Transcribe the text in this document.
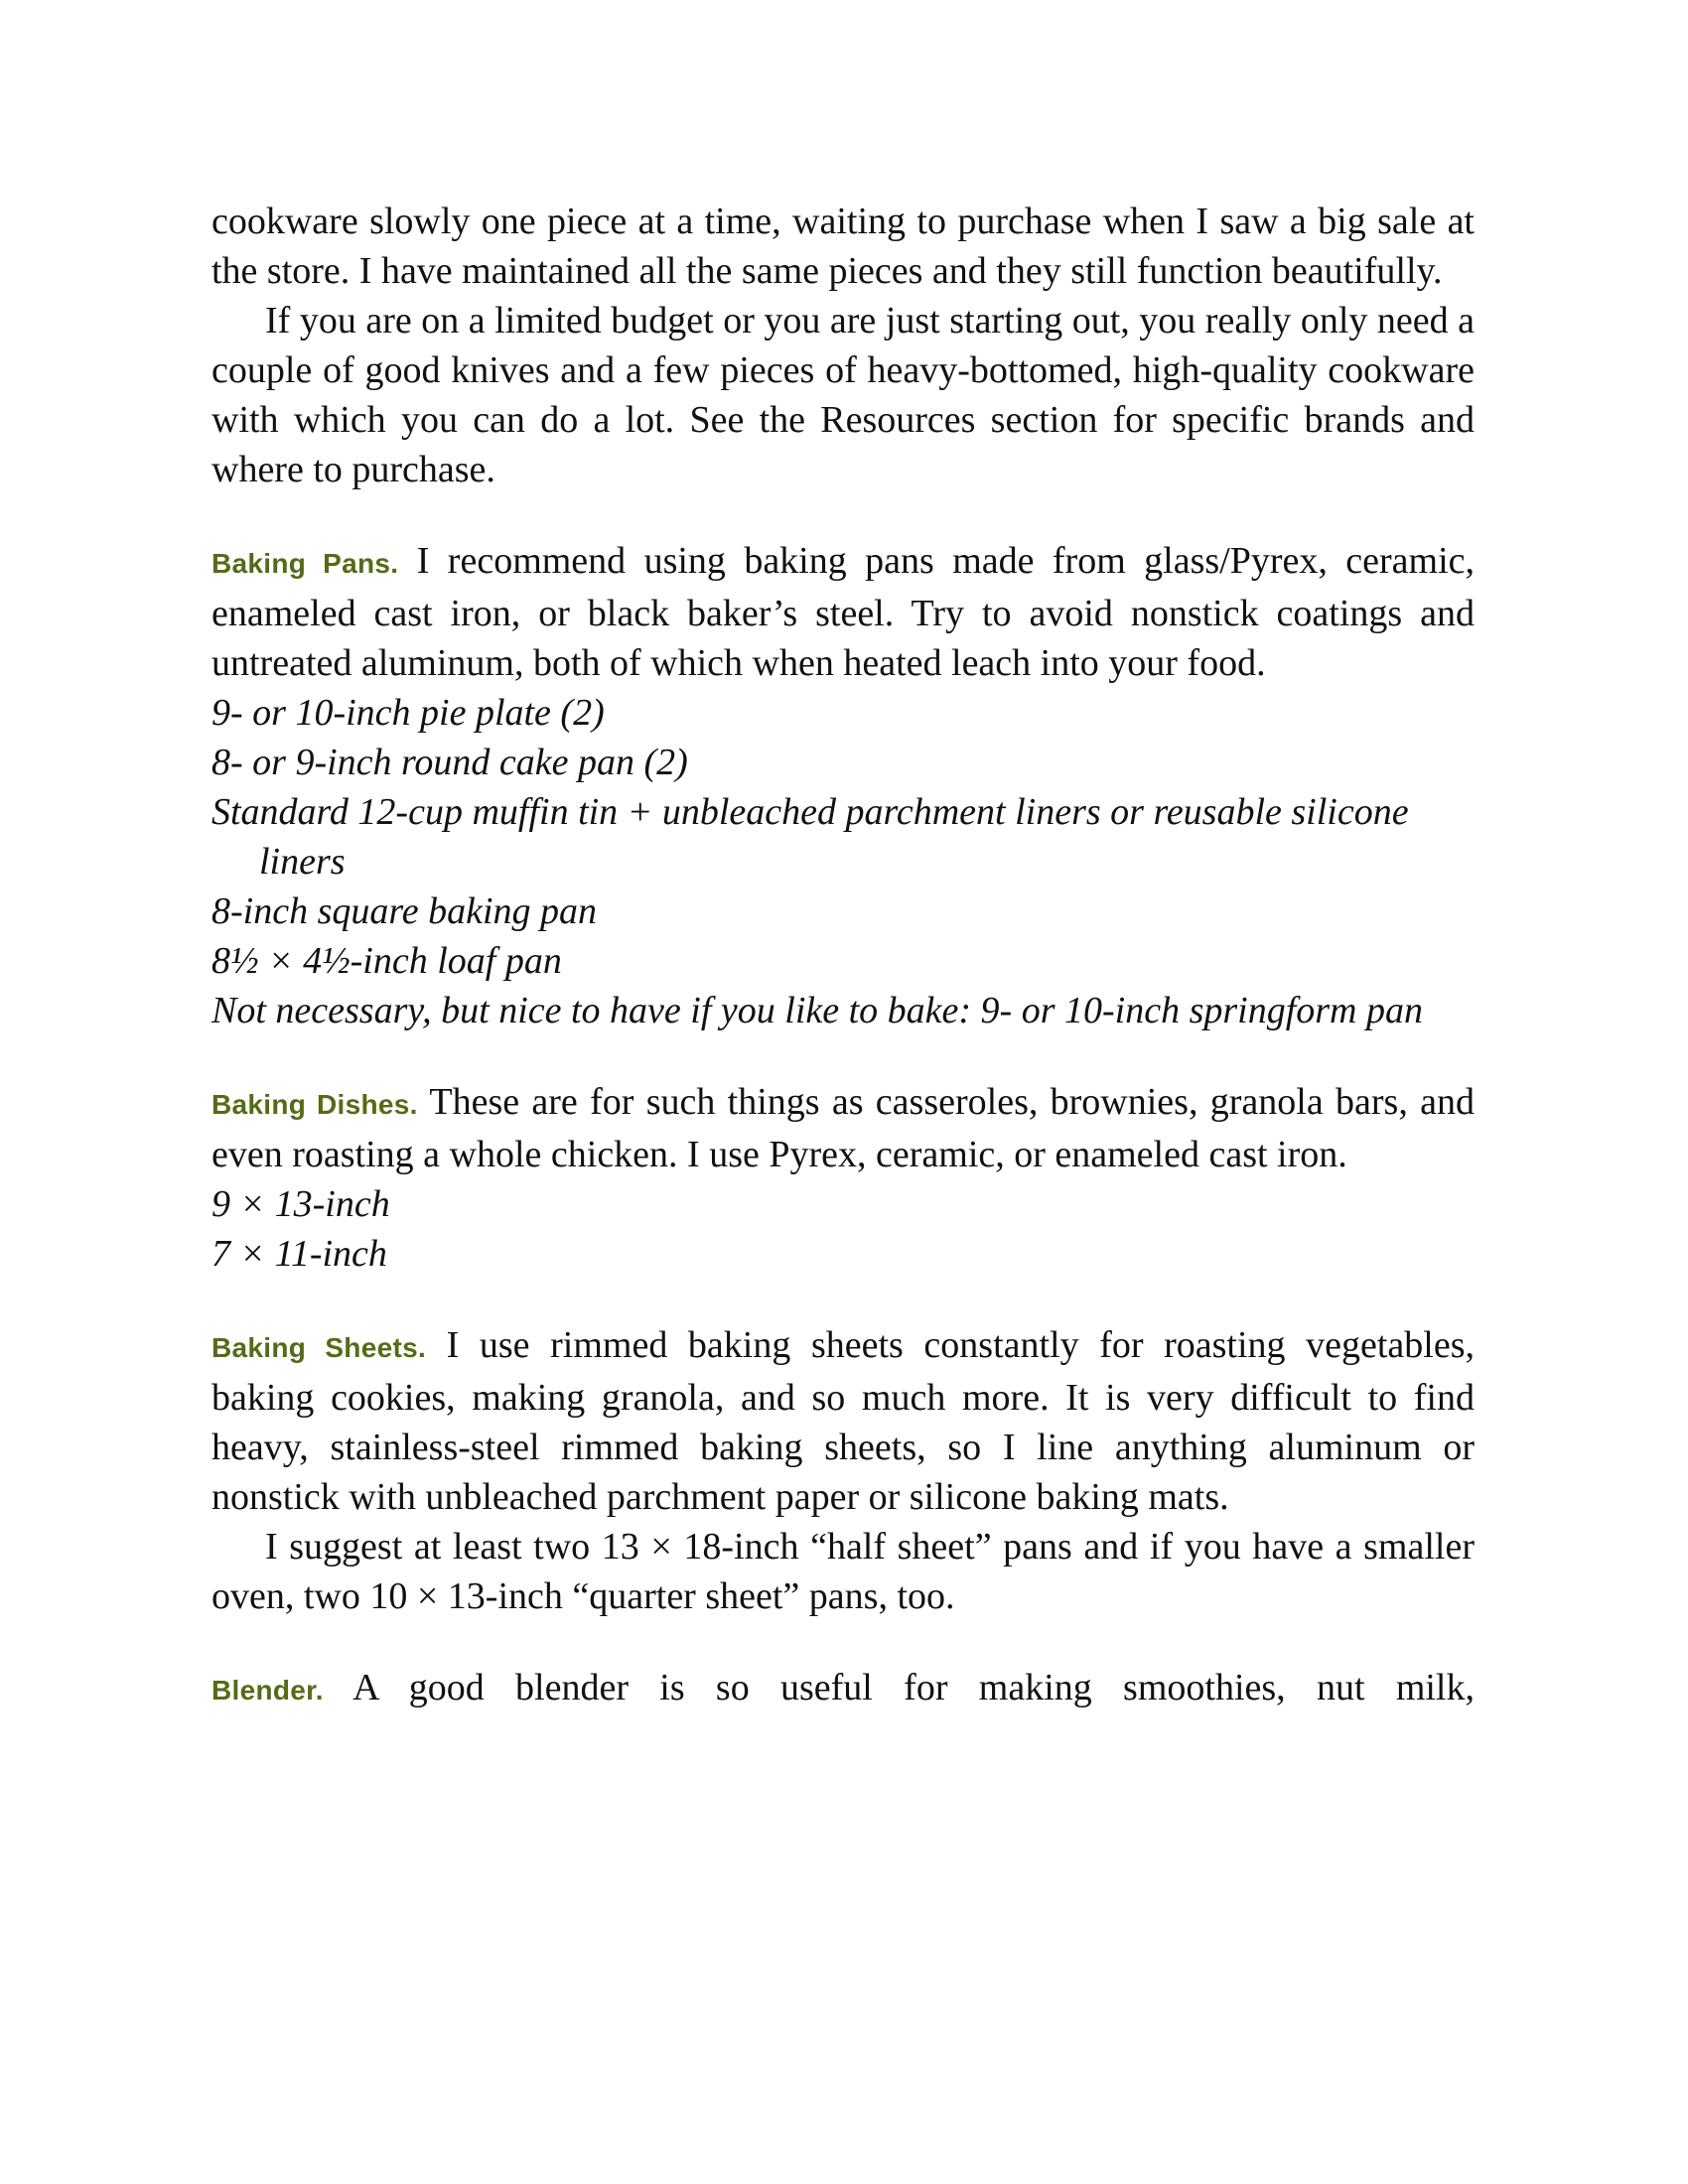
cookware slowly one piece at a time, waiting to purchase when I saw a big sale at the store. I have maintained all the same pieces and they still function beautifully.

If you are on a limited budget or you are just starting out, you really only need a couple of good knives and a few pieces of heavy-bottomed, high-quality cookware with which you can do a lot. See the Resources section for specific brands and where to purchase.

Baking Pans. I recommend using baking pans made from glass/Pyrex, ceramic, enameled cast iron, or black baker’s steel. Try to avoid nonstick coatings and untreated aluminum, both of which when heated leach into your food.

9- or 10-inch pie plate (2)
8- or 9-inch round cake pan (2)
Standard 12-cup muffin tin + unbleached parchment liners or reusable silicone liners
8-inch square baking pan
8½ × 4½-inch loaf pan
Not necessary, but nice to have if you like to bake: 9- or 10-inch springform pan

Baking Dishes. These are for such things as casseroles, brownies, granola bars, and even roasting a whole chicken. I use Pyrex, ceramic, or enameled cast iron.

9 × 13-inch
7 × 11-inch

Baking Sheets. I use rimmed baking sheets constantly for roasting vegetables, baking cookies, making granola, and so much more. It is very difficult to find heavy, stainless-steel rimmed baking sheets, so I line anything aluminum or nonstick with unbleached parchment paper or silicone baking mats.

I suggest at least two 13 × 18-inch “half sheet” pans and if you have a smaller oven, two 10 × 13-inch “quarter sheet” pans, too.

Blender. A good blender is so useful for making smoothies, nut milk,
